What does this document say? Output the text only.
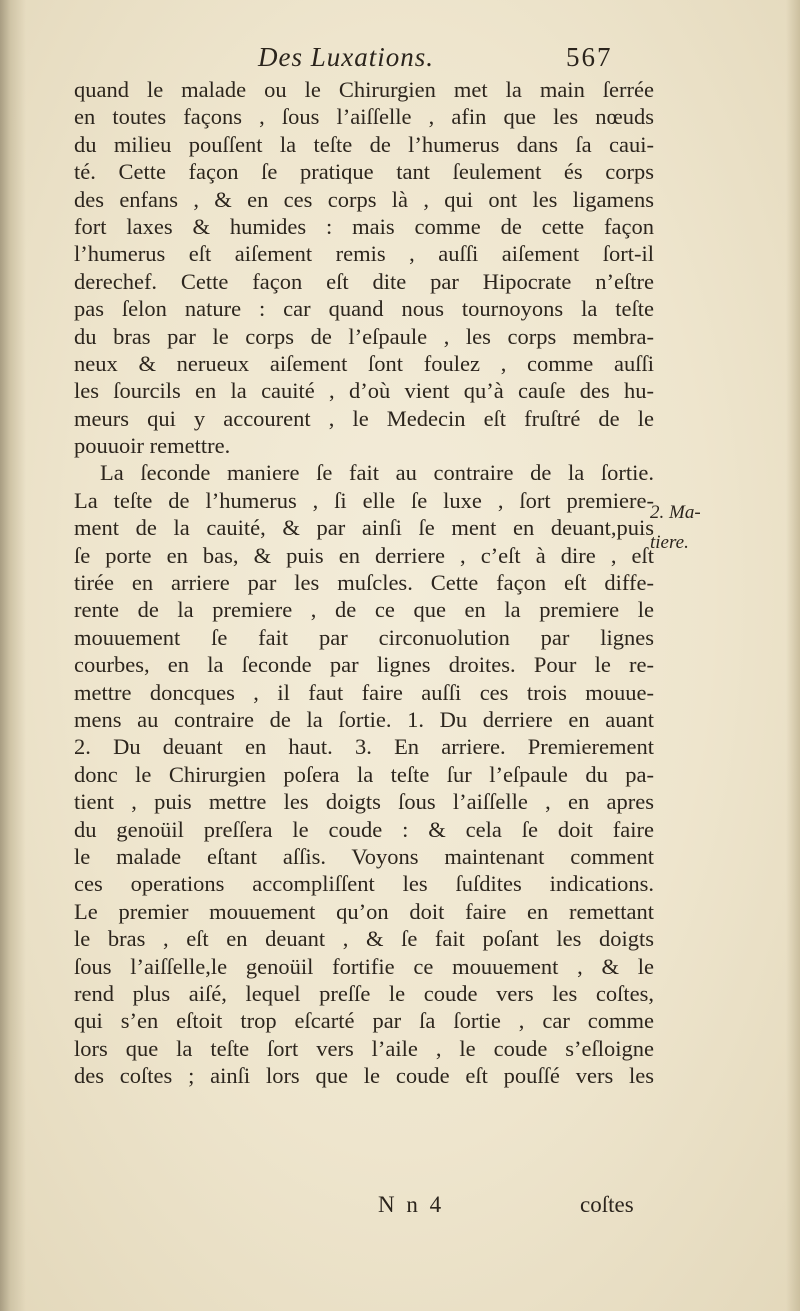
Des Luxations.	567
quand le malade ou le Chirurgien met la main ſerrée
en toutes façons , ſous l’aiſſelle , afin que les nœuds
du milieu pouſſent la teſte de l’humerus dans ſa caui-
té. Cette façon ſe pratique tant ſeulement és corps
des enfans , & en ces corps là , qui ont les ligamens
fort laxes & humides : mais comme de cette façon
l’humerus eſt aiſement remis , auſſi aiſement ſort-il
derechef. Cette façon eſt dite par Hipocrate n’eſtre
pas ſelon nature : car quand nous tournoyons la teſte
du bras par le corps de l’eſpaule , les corps membra-
neux & nerueux aiſement ſont foulez , comme auſſi
les ſourcils en la cauité , d’où vient qu’à cauſe des hu-
meurs qui y accourent , le Medecin eſt fruſtré de le
pouuoir remettre.
La ſeconde maniere ſe fait au contraire de la ſortie.
La teſte de l’humerus , ſi elle ſe luxe , ſort premiere-
ment de la cauité, & par ainſi ſe ment en deuant,puis
ſe porte en bas, & puis en derriere , c’eſt à dire , eſt
tirée en arriere par les muſcles. Cette façon eſt diffe-
rente de la premiere , de ce que en la premiere le
mouuement ſe fait par circonuolution par lignes
courbes, en la ſeconde par lignes droites. Pour le re-
mettre doncques , il faut faire auſſi ces trois mouue-
mens au contraire de la ſortie. 1. Du derriere en auant
2. Du deuant en haut. 3. En arriere. Premierement
donc le Chirurgien poſera la teſte ſur l’eſpaule du pa-
tient , puis mettre les doigts ſous l’aiſſelle , en apres
du genoüil preſſera le coude : & cela ſe doit faire
le malade eſtant aſſis. Voyons maintenant comment
ces operations accompliſſent les ſuſdites indications.
Le premier mouuement qu’on doit faire en remettant
le bras , eſt en deuant , & ſe fait poſant les doigts
ſous l’aiſſelle,le genoüil fortifie ce mouuement , & le
rend plus aiſé, lequel preſſe le coude vers les coſtes,
qui s’en eſtoit trop eſcarté par ſa ſortie , car comme
lors que la teſte ſort vers l’aile , le coude s’eſloigne
des coſtes ; ainſi lors que le coude eſt pouſſé vers les
2. Ma-
tiere.
N n 4	coſtes
